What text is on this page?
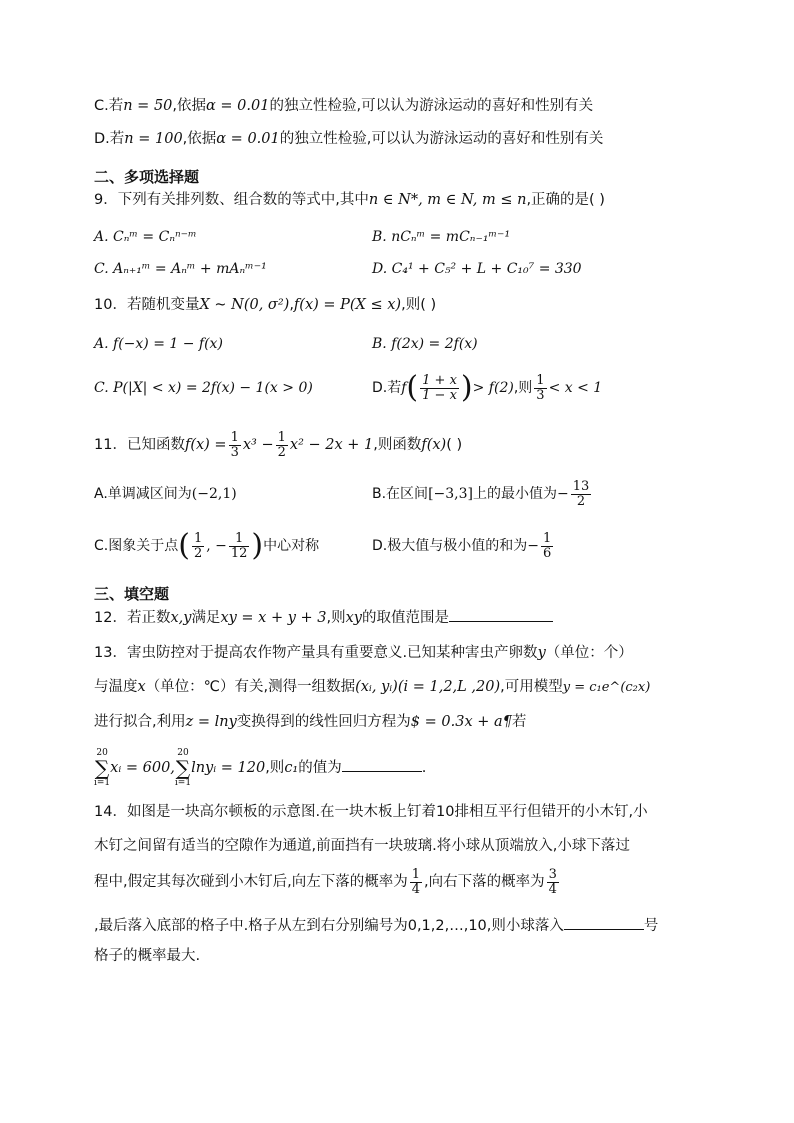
C.若n = 50,依据α = 0.01的独立性检验,可以认为游泳运动的喜好和性别有关
D.若n = 100,依据α = 0.01的独立性检验,可以认为游泳运动的喜好和性别有关
二、多项选择题
9．下列有关排列数、组合数的等式中,其中n ∈ N*, m ∈ N, m ≤ n,正确的是( )
A. Cₙᵐ = Cₙⁿ⁻ᵐ	B. nCₙᵐ = mCₙ₋₁ᵐ⁻¹
C. Aₙ₊₁ᵐ = Aₙᵐ + mAₙᵐ⁻¹	D. C₄¹ + C₅² + L + C₁₀⁷ = 330
10．若随机变量X ~ N(0, σ²),f(x) = P(X ≤ x),则( )
A. f(−x) = 1 − f(x)	B. f(2x) = 2f(x)
C. P(|X| < x) = 2f(x) − 1(x > 0)	D.若$f( \frac{1 + x}{1 - x}$ )> f(2),则 $\frac{1}{3} < x < 1$
11．已知函数$f(x) = \frac{1}{3} x^3 - \frac{1}{2} x^2 - 2x + 1$,则函数f(x)( )
A.单调减区间为(−2,1)	B.在区间[−3,3]上的最小值为− $\frac{13}{2}$
C.图象关于点( $\frac{1}{2}$ , − $\frac{1}{12}$ )中心对称	D.极大值与极小值的和为− $\frac{1}{6}$
三、填空题
12．若正数x,y满足xy = x + y + 3,则xy的取值范围是
13．害虫防控对于提高农作物产量具有重要意义.已知某种害虫产卵数y（单位：个）
与温度x（单位：℃）有关,测得一组数据(xᵢ, yᵢ)(i = 1,2,L ,20),可用模型y = c₁e^(c₂x)
进行拟合,利用z = lny变换得到的线性回归方程为$ = 0.3x + a¶若
20
∑
i=1
xᵢ = 600,
20
∑
i=1
lnyᵢ = 120,则c₁的值为	.
14．如图是一块高尔顿板的示意图.在一块木板上钉着10排相互平行但错开的小木钉,小
木钉之间留有适当的空隙作为通道,前面挡有一块玻璃.将小球从顶端放入,小球下落过
程中,假定其每次碰到小木钉后,向左下落的概率为 $\frac{1}{4}$ ,向右下落的概率为 $\frac{3}{4}$
,最后落入底部的格子中.格子从左到右分别编号为0,1,2,…,10,则小球落入	号
格子的概率最大.
